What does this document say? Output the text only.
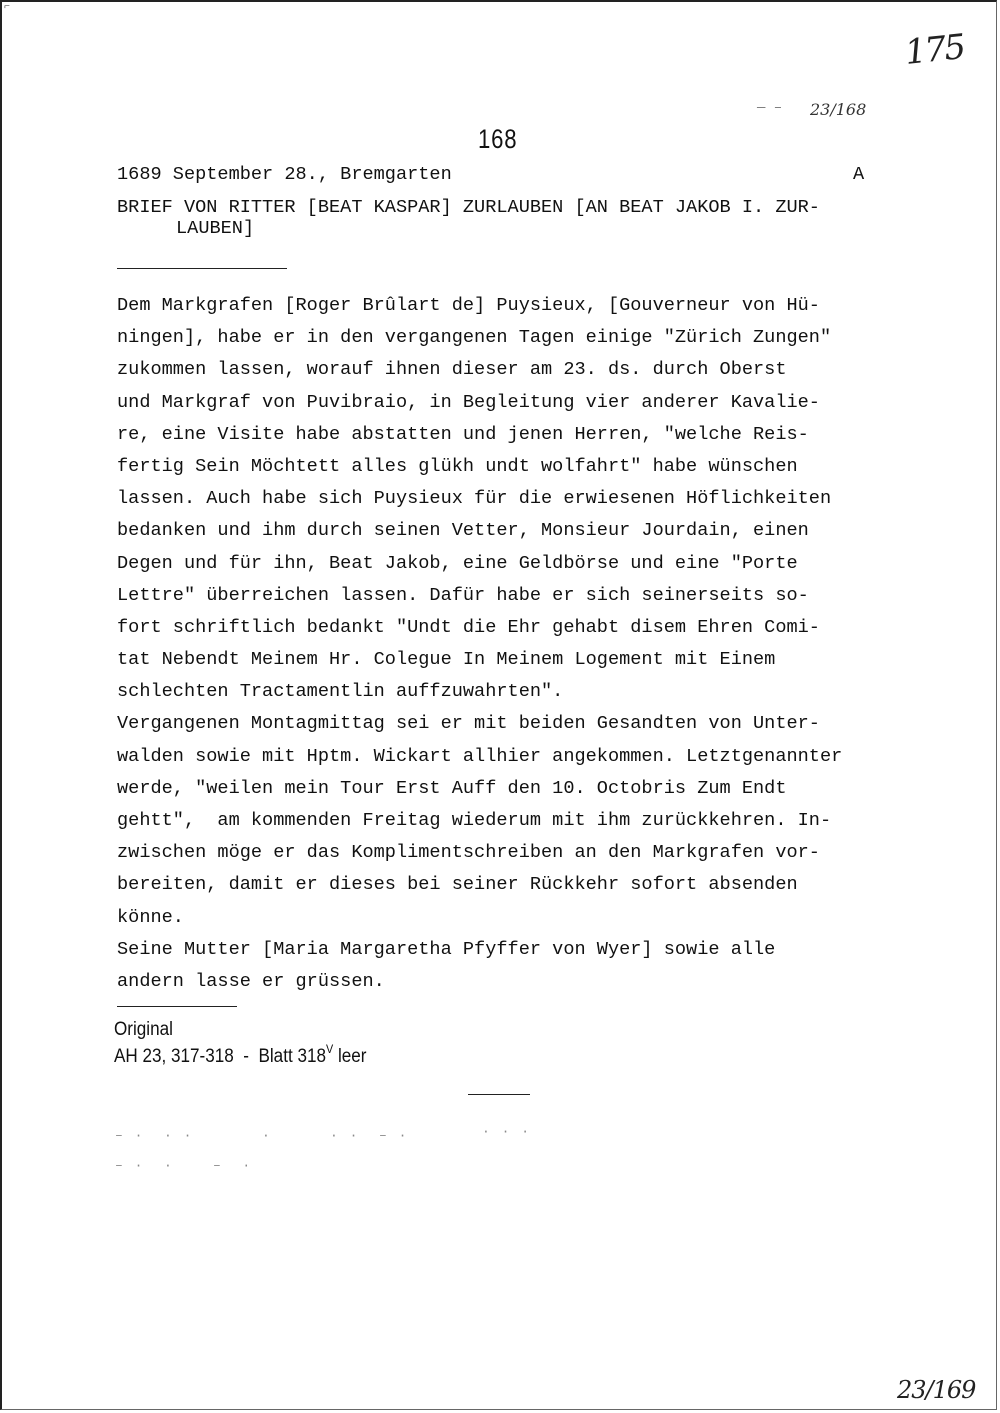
⌐
175
— ‒ 23/168
168
1689 September 28., Bremgarten	A
BRIEF VON RITTER [BEAT KASPAR] ZURLAUBEN [AN BEAT JAKOB I. ZUR-
LAUBEN]
Dem Markgrafen [Roger Brûlart de] Puysieux, [Gouverneur von Hü-
ningen], habe er in den vergangenen Tagen einige "Zürich Zungen"
zukommen lassen, worauf ihnen dieser am 23. ds. durch Oberst
und Markgraf von Puvibraio, in Begleitung vier anderer Kavalie-
re, eine Visite habe abstatten und jenen Herren, "welche Reis-
fertig Sein Möchtett alles glükh undt wolfahrt" habe wünschen
lassen. Auch habe sich Puysieux für die erwiesenen Höflichkeiten
bedanken und ihm durch seinen Vetter, Monsieur Jourdain, einen
Degen und für ihn, Beat Jakob, eine Geldbörse und eine "Porte
Lettre" überreichen lassen. Dafür habe er sich seinerseits so-
fort schriftlich bedankt "Undt die Ehr gehabt disem Ehren Comi-
tat Nebendt Meinem Hr. Colegue In Meinem Logement mit Einem
schlechten Tractamentlin auffzuwahrten".
Vergangenen Montagmittag sei er mit beiden Gesandten von Unter-
walden sowie mit Hptm. Wickart allhier angekommen. Letztgenannter
werde, "weilen mein Tour Erst Auff den 10. Octobris Zum Endt
gehtt",  am kommenden Freitag wiederum mit ihm zurückkehren. In-
zwischen möge er das Komplimentschreiben an den Markgrafen vor-
bereiten, damit er dieses bei seiner Rückkehr sofort absenden
könne.
Seine Mutter [Maria Margaretha Pfyffer von Wyer] sowie alle
andern lasse er grüssen.
Original
AH 23, 317-318  -  Blatt $318^V$ leer
‒ ·  · ·       ·	· ·  ‒ ·	· · ·
‒ ·  ·    ‒  ·
23/169
